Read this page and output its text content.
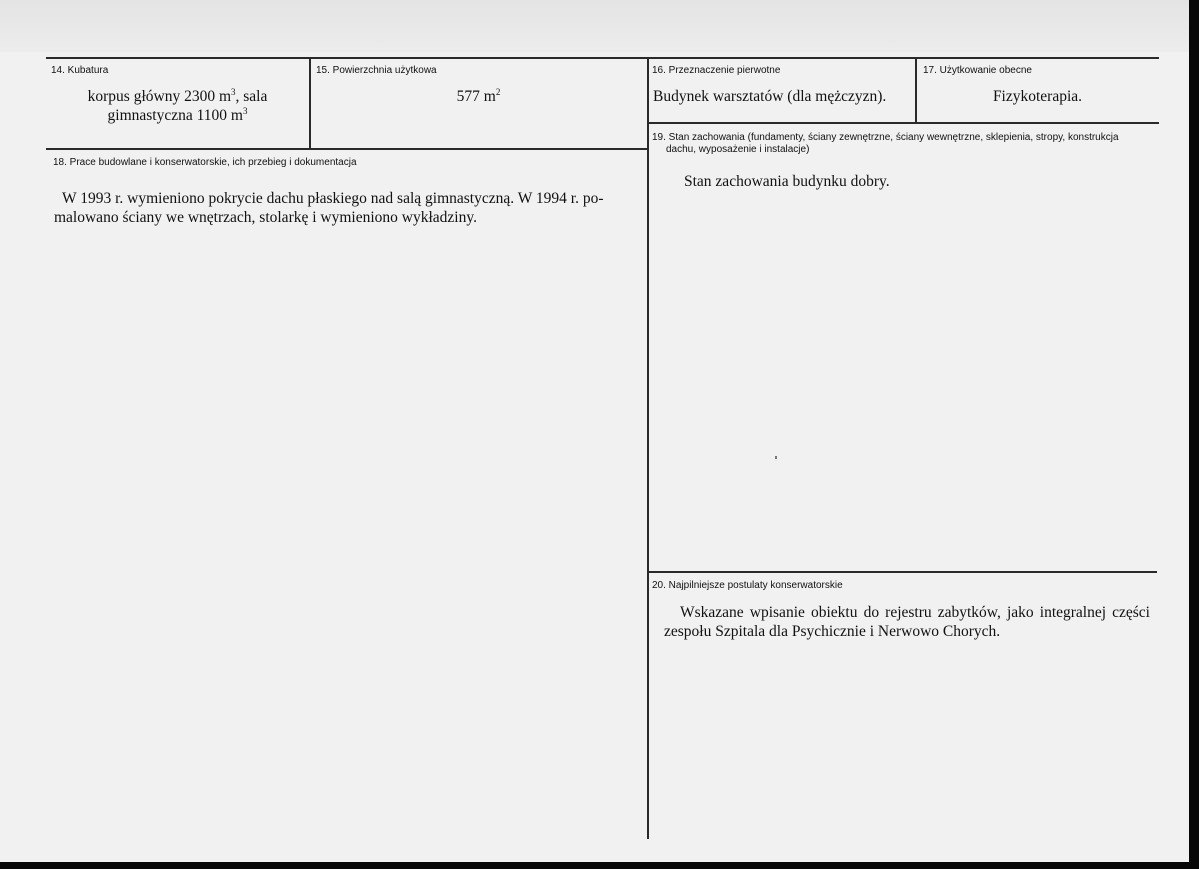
14. Kubatura
korpus główny 2300 $m^3$, sala
gimnastyczna 1100 $m^3$
15. Powierzchnia użytkowa
577 $m^2$
16. Przeznaczenie pierwotne
Budynek warsztatów (dla mężczyzn).
17. Użytkowanie obecne
Fizykoterapia.
18. Prace budowlane i konserwatorskie, ich przebieg i dokumentacja
W 1993 r. wymieniono pokrycie dachu płaskiego nad salą gimnastyczną. W 1994 r. po-
malowano ściany we wnętrzach, stolarkę i wymieniono wykładziny.
19. Stan zachowania (fundamenty, ściany zewnętrzne, ściany wewnętrzne, sklepienia, stropy, konstrukcja
dachu, wyposażenie i instalacje)
Stan zachowania budynku dobry.
20. Najpilniejsze postulaty konserwatorskie
Wskazane wpisanie obiektu do rejestru zabytków, jako integralnej części
zespołu Szpitala dla Psychicznie i Nerwowo Chorych.
